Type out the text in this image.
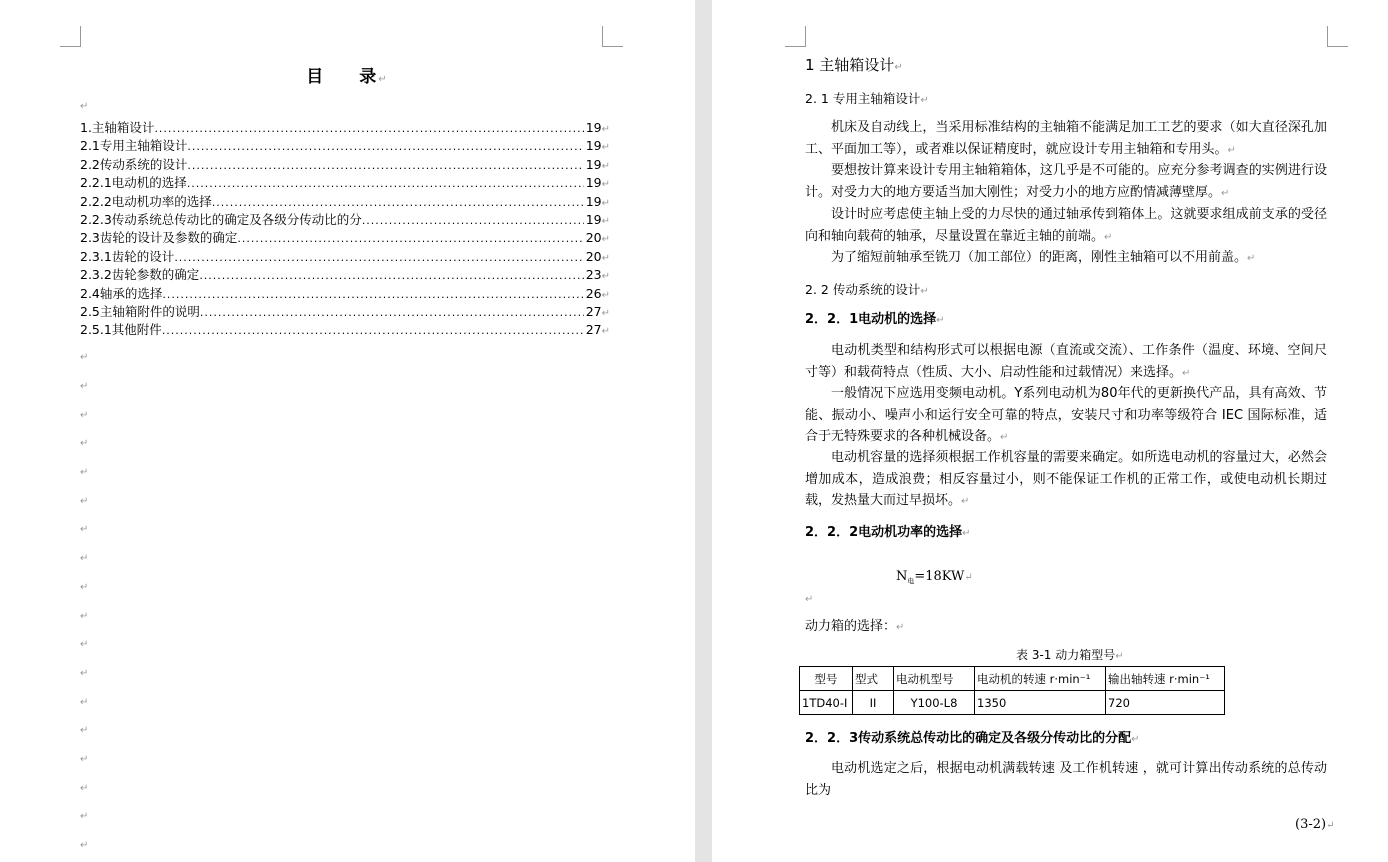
目 录↵
↵
1.主轴箱设计 .....	19 ↵
2.1专用主轴箱设计 .....	19 ↵
2.2传动系统的设计 .....	19 ↵
2.2.1电动机的选择 .....	19 ↵
2.2.2电动机功率的选择 .....	19 ↵
2.2.3传动系统总传动比的确定及各级分传动比的分 .....	19 ↵
2.3齿轮的设计及参数的确定 .....	20 ↵
2.3.1齿轮的设计 .....	20 ↵
2.3.2齿轮参数的确定 .....	23 ↵
2.4轴承的选择 .....	26 ↵
2.5主轴箱附件的说明 .....	27 ↵
2.5.1其他附件 .....	27 ↵
↵
↵
↵
↵
↵
↵
↵
↵
↵
↵
↵
↵
↵
↵
↵
↵
↵
↵
1 主轴箱设计↵
2. 1 专用主轴箱设计↵
机床及自动线上，当采用标准结构的主轴箱不能满足加工工艺的要求（如大直径深孔加工、平面加工等），或者难以保证精度时，就应设计专用主轴箱和专用头。↵
要想按计算来设计专用主轴箱箱体，这几乎是不可能的。应充分参考调查的实例进行设计。对受力大的地方要适当加大刚性；对受力小的地方应酌情减薄壁厚。↵
设计时应考虑使主轴上受的力尽快的通过轴承传到箱体上。这就要求组成前支承的受径向和轴向载荷的轴承，尽量设置在靠近主轴的前端。↵
为了缩短前轴承至铣刀（加工部位）的距离，刚性主轴箱可以不用前盖。↵
2. 2 传动系统的设计↵
2．2．1电动机的选择↵
电动机类型和结构形式可以根据电源（直流或交流）、工作条件（温度、环境、空间尺寸等）和载荷特点（性质、大小、启动性能和过载情况）来选择。↵
一般情况下应选用变频电动机。Y系列电动机为80年代的更新换代产品，具有高效、节能、振动小、噪声小和运行安全可靠的特点，安装尺寸和功率等级符合 IEC 国际标准，适合于无特殊要求的各种机械设备。↵
电动机容量的选择须根据工作机容量的需要来确定。如所选电动机的容量过大，必然会增加成本，造成浪费；相反容量过小，则不能保证工作机的正常工作，或使电动机长期过载，发热量大而过早损坏。↵
2．2．2电动机功率的选择↵
$N_电=18KW↵$
↵
动力箱的选择：↵
表 3-1 动力箱型号↵
型号	型式	电动机型号	电动机的转速 r·min⁻¹	输出轴转速 r·min⁻¹
1TD40-I	II	Y100-L8	1350	720
2．2．3传动系统总传动比的确定及各级分传动比的分配↵
电动机选定之后，根据电动机满载转速 及工作机转速 ，就可计算出传动系统的总传动比为
(3-2)↵
